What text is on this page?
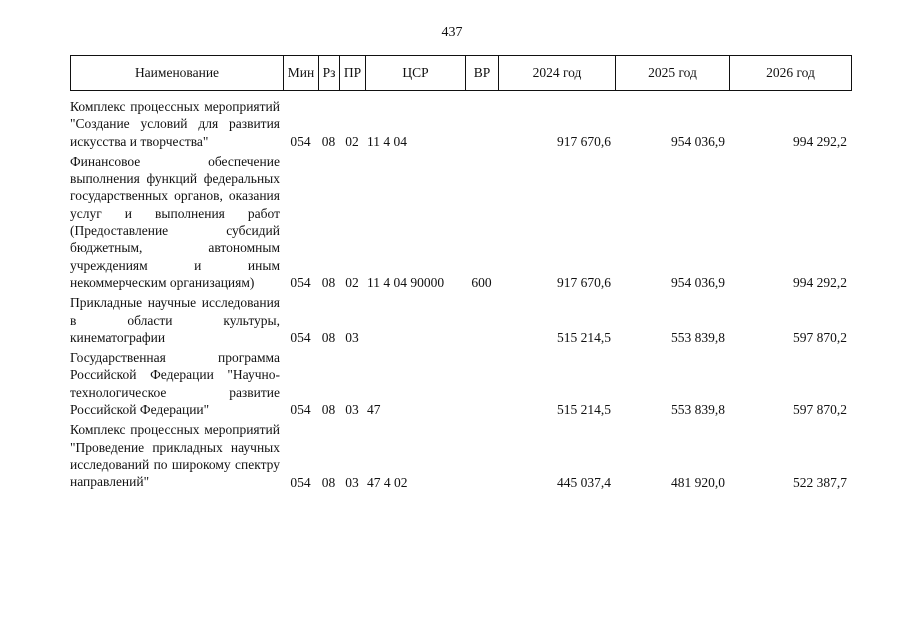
437
Наименование	Мин	Рз	ПР	ЦСР	ВР	2024 год	2025 год	2026 год
Комплекс процессных мероприятий "Создание условий для развития искусства и творчества"	054	08	02	11 4 04		917 670,6	954 036,9	994 292,2
Финансовое обеспечение выполнения функций федеральных государственных органов, оказания услуг и выполнения работ (Предоставление субсидий бюджетным, автономным учреждениям и иным некоммерческим организациям)	054	08	02	11 4 04 90000	600	917 670,6	954 036,9	994 292,2
Прикладные научные исследования в области культуры, кинематографии	054	08	03			515 214,5	553 839,8	597 870,2
Государственная программа Российской Федерации "Научно-технологическое развитие Российской Федерации"	054	08	03	47		515 214,5	553 839,8	597 870,2
Комплекс процессных мероприятий "Проведение прикладных научных исследований по широкому спектру направлений"	054	08	03	47 4 02		445 037,4	481 920,0	522 387,7
